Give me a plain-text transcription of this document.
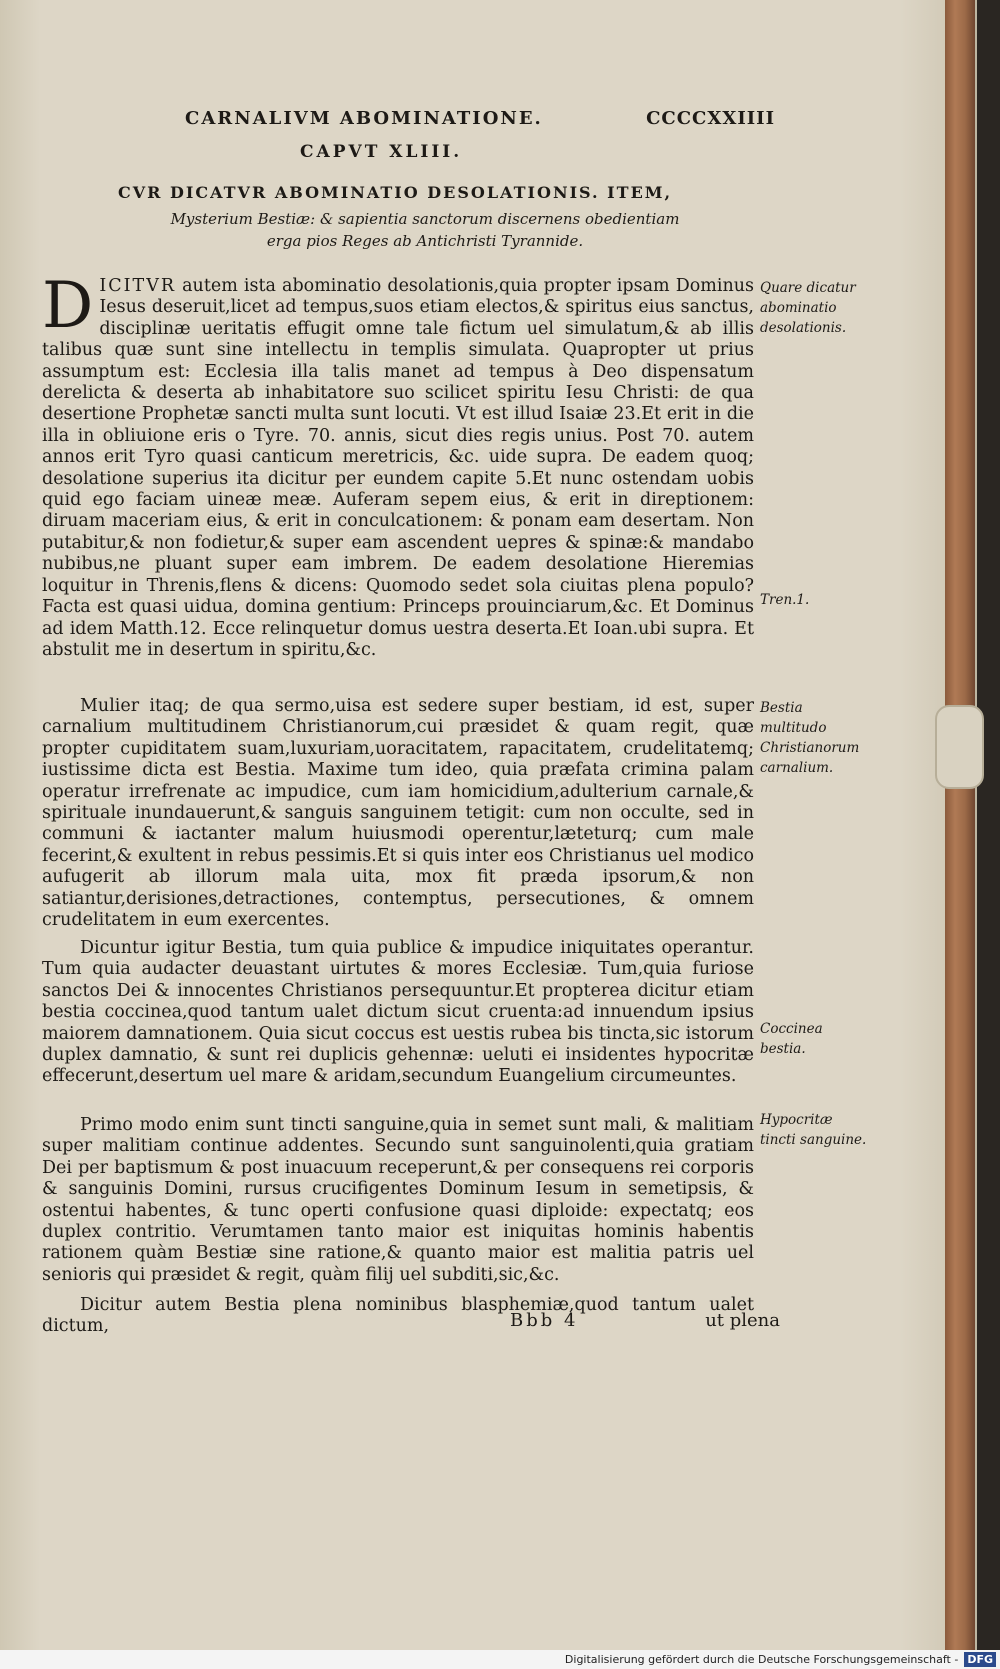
CARNALIVM ABOMINATIONE.	CCCCXXIIII
CAPVT XLIII.
CVR DICATVR ABOMINATIO DESOLATIONIS. ITEM,
Mysterium Bestiæ: & sapientia sanctorum discernens obedientiam erga pios Reges ab Antichristi Tyrannide.

DICITVR autem ista abominatio desolationis,quia propter ipsam Dominus Iesus deseruit,licet ad tempus,suos etiam electos,& spiritus eius sanctus, disciplinæ ueritatis effugit omne tale fictum uel simulatum,& ab illis talibus quæ sunt sine intellectu in templis simulata. Quapropter ut prius assumptum est: Ecclesia illa talis manet ad tempus à Deo dispensatum derelicta & deserta ab inhabitatore suo scilicet spiritu Iesu Christi: de qua desertione Prophetæ sancti multa sunt locuti. Vt est illud Isaiæ 23.Et erit in die illa in obliuione eris o Tyre. 70. annis, sicut dies regis unius. Post 70. autem annos erit Tyro quasi canticum meretricis, &c. uide supra. De eadem quoq; desolatione superius ita dicitur per eundem capite 5.Et nunc ostendam uobis quid ego faciam uineæ meæ. Auferam sepem eius, & erit in direptionem: diruam maceriam eius, & erit in conculcationem: & ponam eam desertam. Non putabitur,& non fodietur,& super eam ascendent uepres & spinæ:& mandabo nubibus,ne pluant super eam imbrem. De eadem desolatione Hieremias loquitur in Threnis,flens & dicens: Quomodo sedet sola ciuitas plena populo? Facta est quasi uidua, domina gentium: Princeps prouinciarum,&c. Et Dominus ad idem Matth.12. Ecce relinquetur domus uestra deserta.Et Ioan.ubi supra. Et abstulit me in desertum in spiritu,&c.

Mulier itaq; de qua sermo,uisa est sedere super bestiam, id est, super carnalium multitudinem Christianorum,cui præsidet & quam regit, quæ propter cupiditatem suam,luxuriam,uoracitatem, rapacitatem, crudelitatemq; iustissime dicta est Bestia. Maxime tum ideo, quia præfata crimina palam operatur irrefrenate ac impudice, cum iam homicidium,adulterium carnale,& spirituale inundauerunt,& sanguis sanguinem tetigit: cum non occulte, sed in communi & iactanter malum huiusmodi operentur,læteturq; cum male fecerint,& exultent in rebus pessimis.Et si quis inter eos Christianus uel modico aufugerit ab illorum mala uita, mox fit præda ipsorum,& non satiantur,derisiones,detractiones, contemptus, persecutiones, & omnem crudelitatem in eum exercentes.

Dicuntur igitur Bestia, tum quia publice & impudice iniquitates operantur. Tum quia audacter deuastant uirtutes & mores Ecclesiæ. Tum,quia furiose sanctos Dei & innocentes Christianos persequuntur.Et propterea dicitur etiam bestia coccinea,quod tantum ualet dictum sicut cruenta:ad innuendum ipsius maiorem damnationem. Quia sicut coccus est uestis rubea bis tincta,sic istorum duplex damnatio, & sunt rei duplicis gehennæ: ueluti ei insidentes hypocritæ effecerunt,desertum uel mare & aridam,secundum Euangelium circumeuntes.

Primo modo enim sunt tincti sanguine,quia in semet sunt mali, & malitiam super malitiam continue addentes. Secundo sunt sanguinolenti,quia gratiam Dei per baptismum & post inuacuum receperunt,& per consequens rei corporis & sanguinis Domini, rursus crucifigentes Dominum Iesum in semetipsis, & ostentui habentes, & tunc operti confusione quasi diploide: expectatq; eos duplex contritio. Verumtamen tanto maior est iniquitas hominis habentis rationem quàm Bestiæ sine ratione,& quanto maior est malitia patris uel senioris qui præsidet & regit, quàm filij uel subditi,sic,&c.

Dicitur autem Bestia plena nominibus blasphemiæ,quod tantum ualet dictum,

Quare dicatur abominatio desolationis.
Tren.1.
Bestia multitudo Christianorum carnalium.
Coccinea bestia.
Hypocritæ tincti sanguine.
Bbb 4	ut plena
Digitalisierung gefördert durch die Deutsche Forschungsgemeinschaft - DFG
